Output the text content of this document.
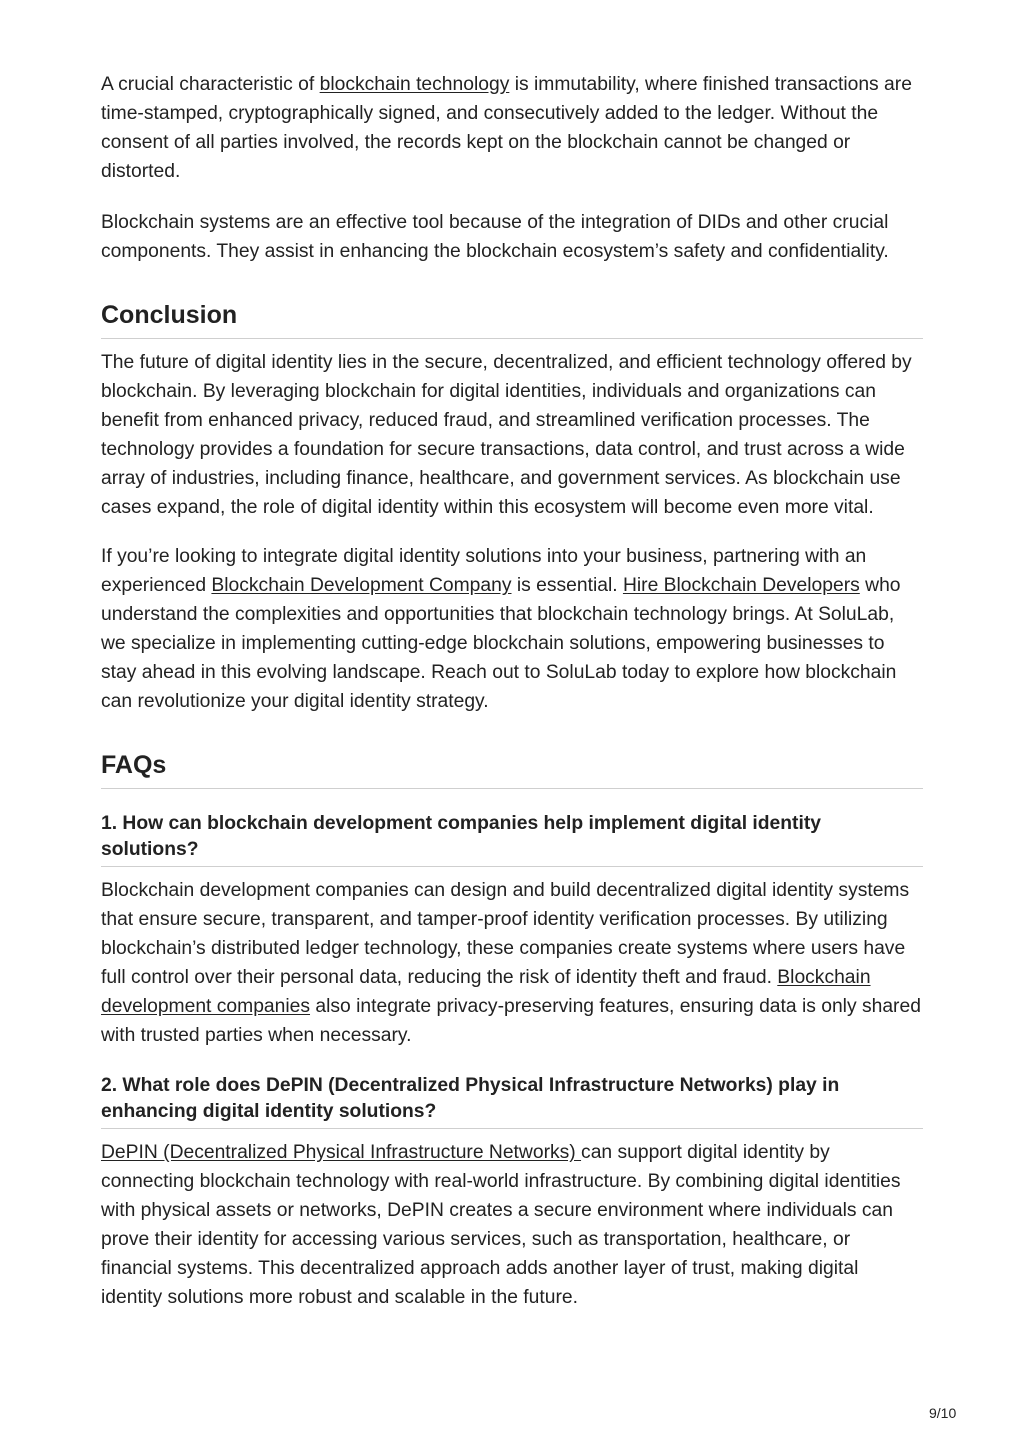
A crucial characteristic of blockchain technology is immutability, where finished transactions are time-stamped, cryptographically signed, and consecutively added to the ledger. Without the consent of all parties involved, the records kept on the blockchain cannot be changed or distorted.

Blockchain systems are an effective tool because of the integration of DIDs and other crucial components. They assist in enhancing the blockchain ecosystem’s safety and confidentiality.

Conclusion

The future of digital identity lies in the secure, decentralized, and efficient technology offered by blockchain. By leveraging blockchain for digital identities, individuals and organizations can benefit from enhanced privacy, reduced fraud, and streamlined verification processes. The technology provides a foundation for secure transactions, data control, and trust across a wide array of industries, including finance, healthcare, and government services. As blockchain use cases expand, the role of digital identity within this ecosystem will become even more vital.

If you’re looking to integrate digital identity solutions into your business, partnering with an experienced Blockchain Development Company is essential. Hire Blockchain Developers who understand the complexities and opportunities that blockchain technology brings. At SoluLab, we specialize in implementing cutting-edge blockchain solutions, empowering businesses to stay ahead in this evolving landscape. Reach out to SoluLab today to explore how blockchain can revolutionize your digital identity strategy.

FAQs
1. How can blockchain development companies help implement digital identity solutions?

Blockchain development companies can design and build decentralized digital identity systems that ensure secure, transparent, and tamper-proof identity verification processes. By utilizing blockchain’s distributed ledger technology, these companies create systems where users have full control over their personal data, reducing the risk of identity theft and fraud. Blockchain development companies also integrate privacy-preserving features, ensuring data is only shared with trusted parties when necessary.

2. What role does DePIN (Decentralized Physical Infrastructure Networks) play in enhancing digital identity solutions?

DePIN (Decentralized Physical Infrastructure Networks) can support digital identity by connecting blockchain technology with real-world infrastructure. By combining digital identities with physical assets or networks, DePIN creates a secure environment where individuals can prove their identity for accessing various services, such as transportation, healthcare, or financial systems. This decentralized approach adds another layer of trust, making digital identity solutions more robust and scalable in the future.

9/10
